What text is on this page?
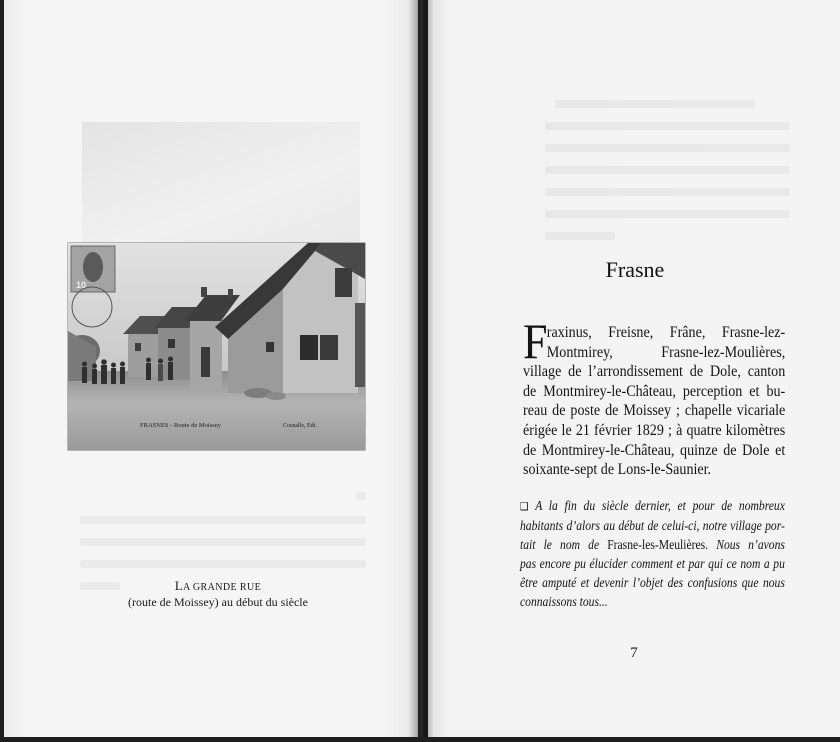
10
FRASNES - Route de Moissey	Cosnalle, Edt.
LA GRANDE RUE
(route de Moissey) au début du siècle
Frasne
F raxinus, Freisne, Frâne, Frasne-lez-
Montmirey, Frasne-lez-Moulières,
village de l’arrondissement de Dole, canton
de Montmirey-le-Château, perception et bu-
reau de poste de Moissey ; chapelle vicariale
érigée le 21 février 1829 ; à quatre kilomètres
de Montmirey-le-Château, quinze de Dole et
soixante-sept de Lons-le-Saunier.
❑ A la fin du siècle dernier, et pour de nombreux
habitants d’alors au début de celui-ci, notre village por-
tait le nom de Frasne-les-Meulières. Nous n’avons
pas encore pu élucider comment et par qui ce nom a pu
être amputé et devenir l’objet des confusions que nous
connaissons tous...
7
